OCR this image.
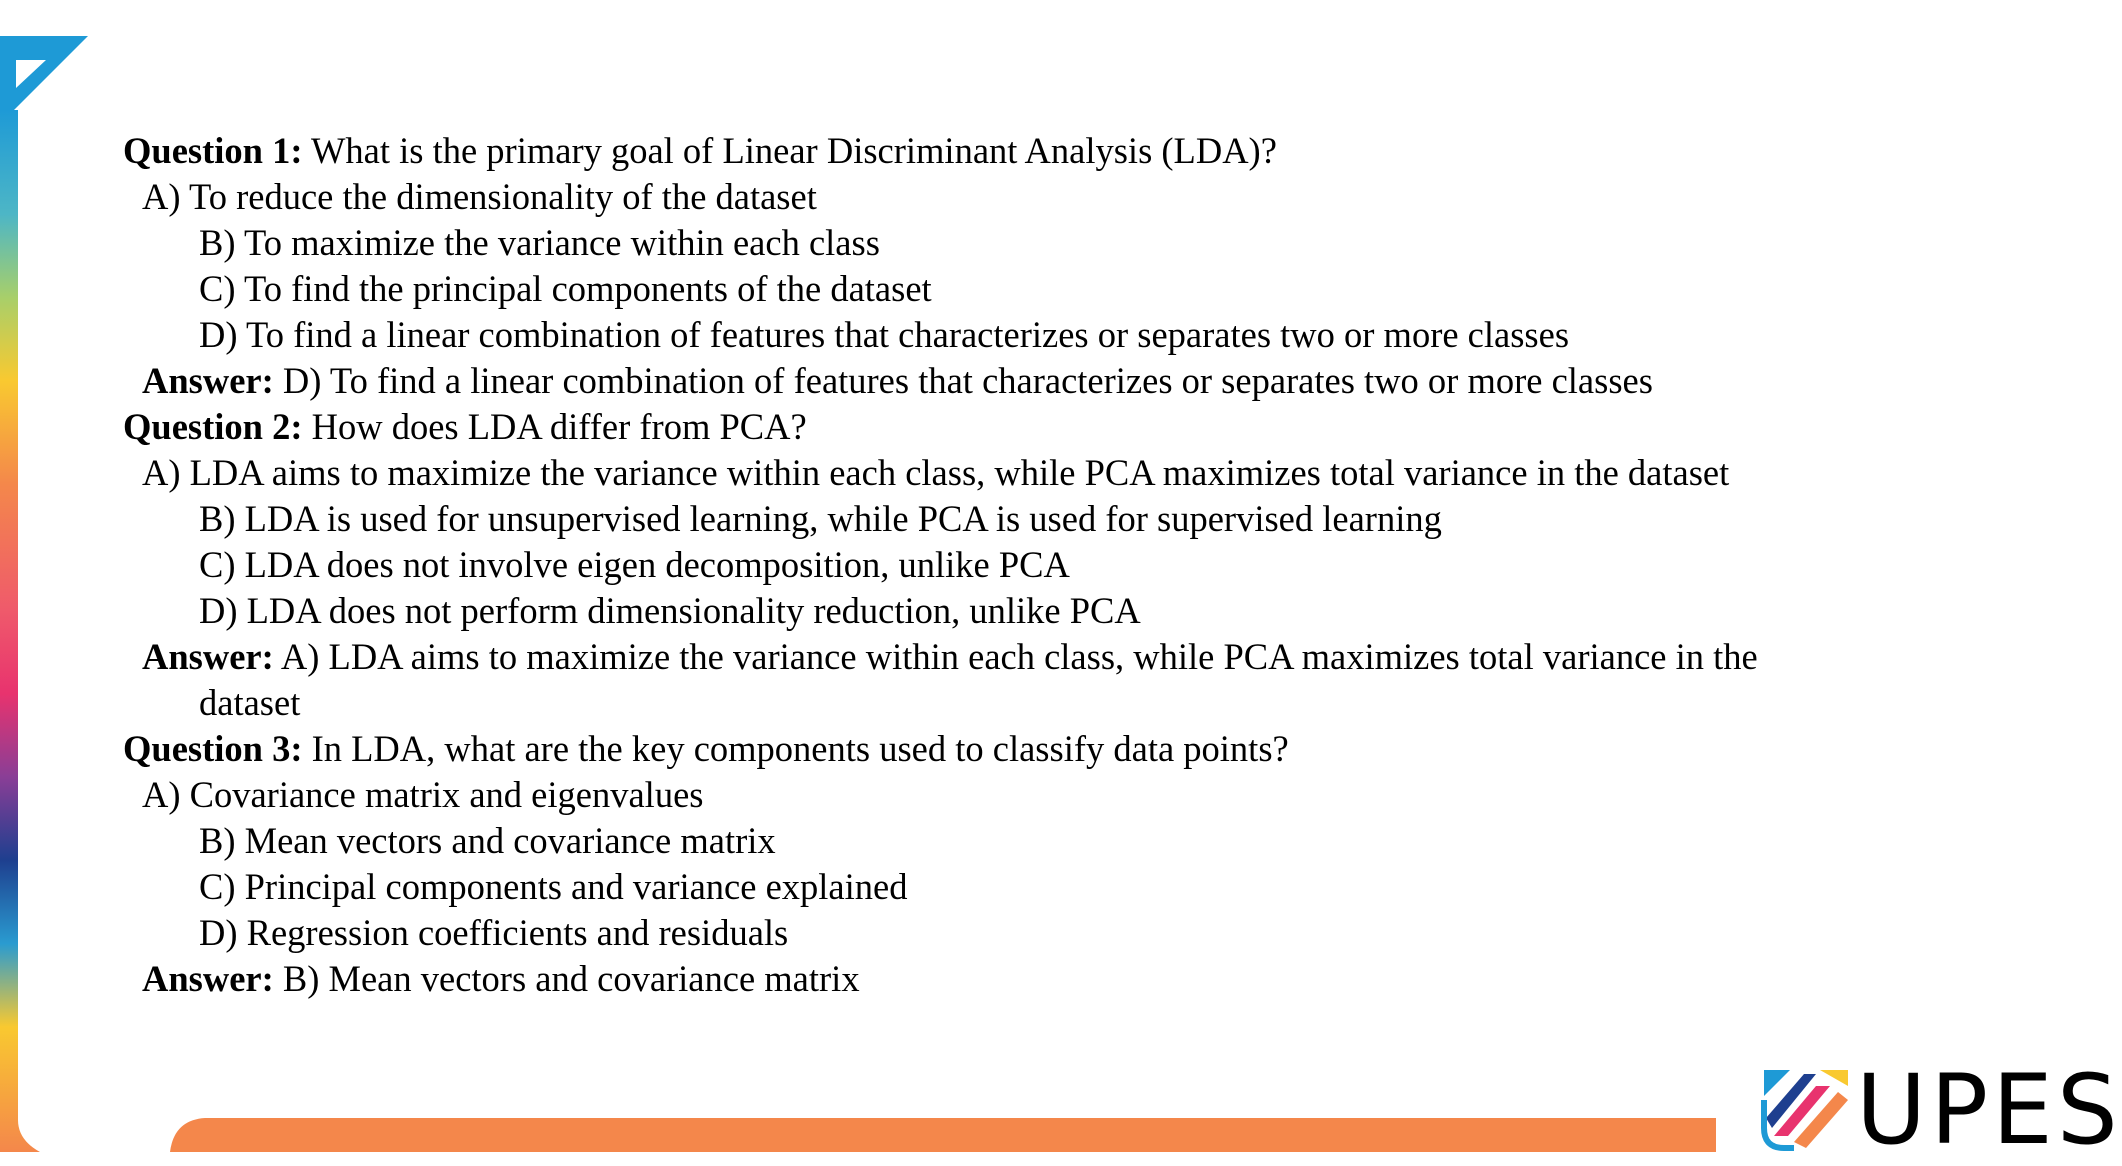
Question 1: What is the primary goal of Linear Discriminant Analysis (LDA)?
A) To reduce the dimensionality of the dataset
B) To maximize the variance within each class
C) To find the principal components of the dataset
D) To find a linear combination of features that characterizes or separates two or more classes
Answer: D) To find a linear combination of features that characterizes or separates two or more classes
Question 2: How does LDA differ from PCA?
A) LDA aims to maximize the variance within each class, while PCA maximizes total variance in the dataset
B) LDA is used for unsupervised learning, while PCA is used for supervised learning
C) LDA does not involve eigen decomposition, unlike PCA
D) LDA does not perform dimensionality reduction, unlike PCA
Answer: A) LDA aims to maximize the variance within each class, while PCA maximizes total variance in the
dataset
Question 3: In LDA, what are the key components used to classify data points?
A) Covariance matrix and eigenvalues
B) Mean vectors and covariance matrix
C) Principal components and variance explained
D) Regression coefficients and residuals
Answer: B) Mean vectors and covariance matrix
UPES
